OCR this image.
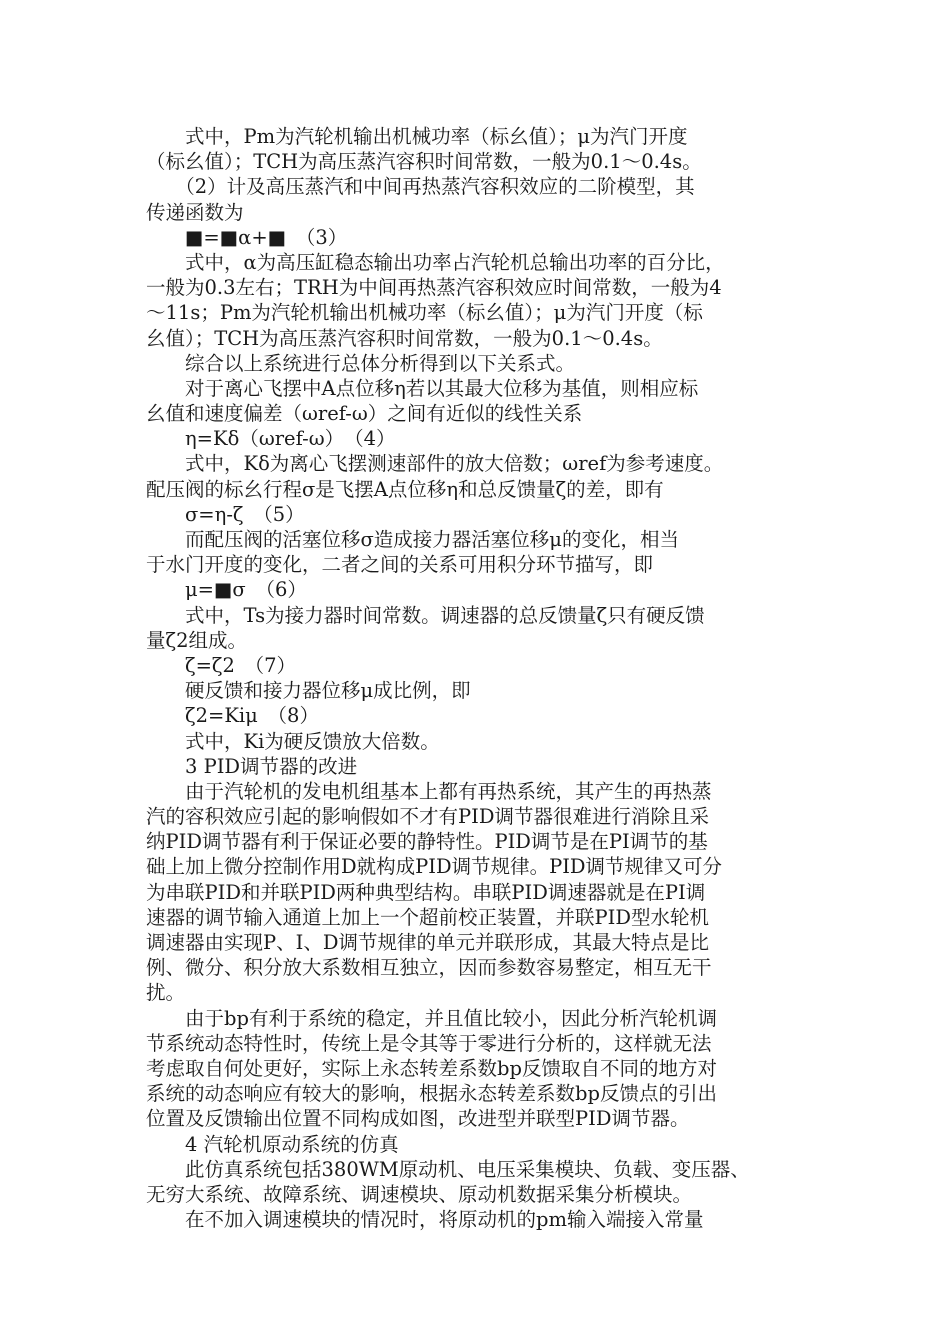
　　式中，Pm为汽轮机输出机械功率（标幺值）；μ为汽门开度
（标幺值）；TCH为高压蒸汽容积时间常数，一般为0.1～0.4s。
　　（2）计及高压蒸汽和中间再热蒸汽容积效应的二阶模型，其
传递函数为
　　■=■α+■　（3）
　　式中，α为高压缸稳态输出功率占汽轮机总输出功率的百分比，
一般为0.3左右；TRH为中间再热蒸汽容积效应时间常数，一般为4
～11s；Pm为汽轮机输出机械功率（标幺值）；μ为汽门开度（标
幺值）；TCH为高压蒸汽容积时间常数，一般为0.1～0.4s。
　　综合以上系统进行总体分析得到以下关系式。
　　对于离心飞摆中A点位移η若以其最大位移为基值，则相应标
幺值和速度偏差（ωref-ω）之间有近似的线性关系
　　η=Kδ（ωref-ω）　（4）
　　式中，Kδ为离心飞摆测速部件的放大倍数；ωref为参考速度。
配压阀的标幺行程σ是飞摆A点位移η和总反馈量ζ的差，即有
　　σ=η-ζ　（5）
　　而配压阀的活塞位移σ造成接力器活塞位移μ的变化，相当
于水门开度的变化，二者之间的关系可用积分环节描写，即
　　μ=■σ　（6）
　　式中，Ts为接力器时间常数。调速器的总反馈量ζ只有硬反馈
量ζ2组成。
　　ζ=ζ2　（7）
　　硬反馈和接力器位移μ成比例，即
　　ζ2=Kiμ　（8）
　　式中，Ki为硬反馈放大倍数。
　　3 PID调节器的改进
　　由于汽轮机的发电机组基本上都有再热系统，其产生的再热蒸
汽的容积效应引起的影响假如不才有PID调节器很难进行消除且采
纳PID调节器有利于保证必要的静特性。PID调节是在PI调节的基
础上加上微分控制作用D就构成PID调节规律。PID调节规律又可分
为串联PID和并联PID两种典型结构。串联PID调速器就是在PI调
速器的调节输入通道上加上一个超前校正装置，并联PID型水轮机
调速器由实现P、I、D调节规律的单元并联形成，其最大特点是比
例、微分、积分放大系数相互独立，因而参数容易整定，相互无干
扰。
　　由于bp有利于系统的稳定，并且值比较小，因此分析汽轮机调
节系统动态特性时，传统上是令其等于零进行分析的，这样就无法
考虑取自何处更好，实际上永态转差系数bp反馈取自不同的地方对
系统的动态响应有较大的影响，根据永态转差系数bp反馈点的引出
位置及反馈输出位置不同构成如图，改进型并联型PID调节器。
　　4 汽轮机原动系统的仿真
　　此仿真系统包括380WM原动机、电压采集模块、负载、变压器、
无穷大系统、故障系统、调速模块、原动机数据采集分析模块。
　　在不加入调速模块的情况时，将原动机的pm输入端接入常量
